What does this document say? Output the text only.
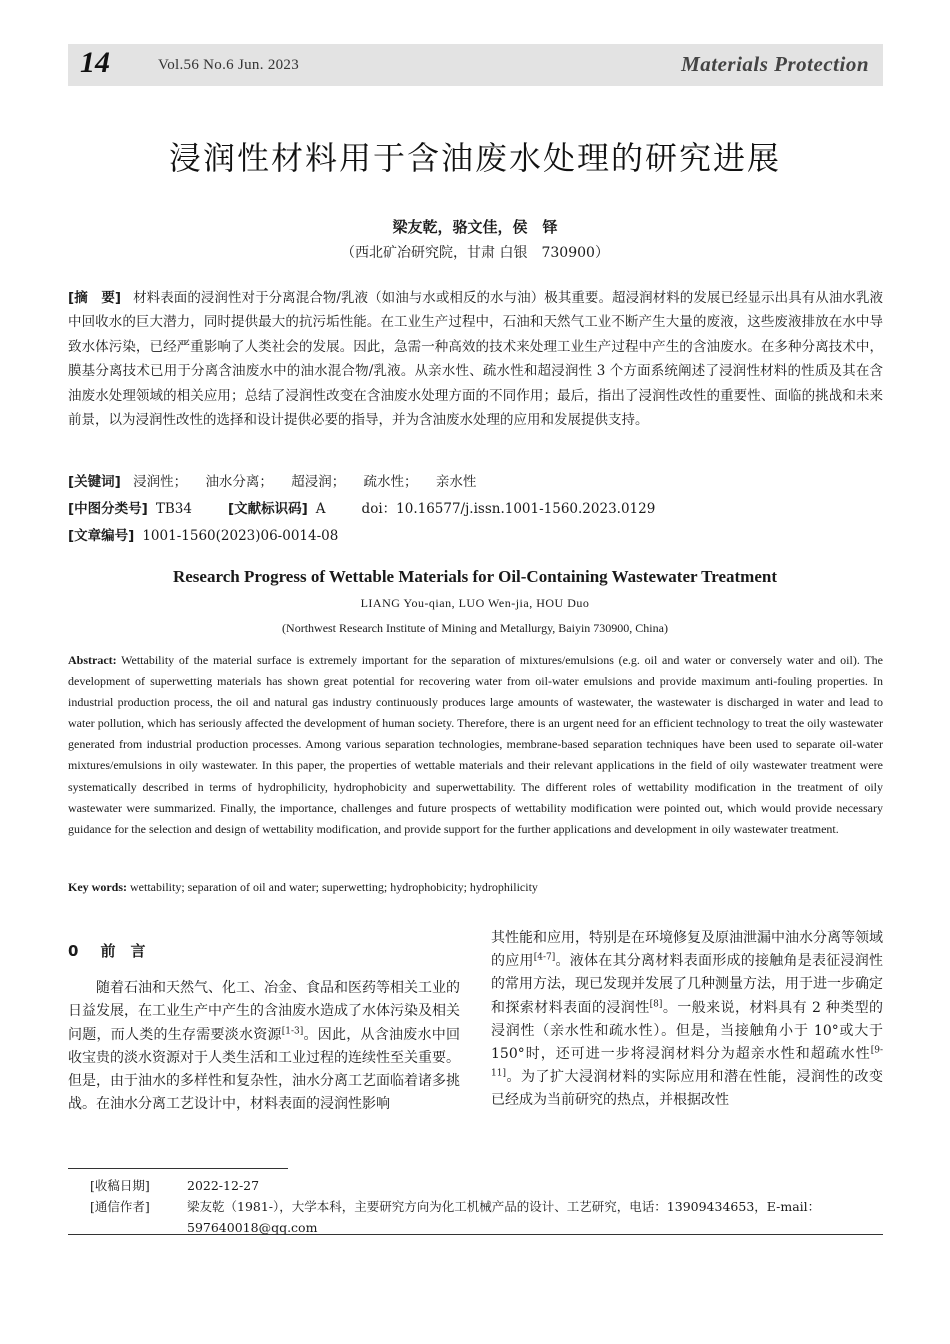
14	Vol.56 No.6 Jun. 2023	Materials Protection
浸润性材料用于含油废水处理的研究进展
梁友乾，骆文佳，侯　铎
（西北矿冶研究院，甘肃 白银　730900）
[摘　要] 材料表面的浸润性对于分离混合物/乳液（如油与水或相反的水与油）极其重要。超浸润材料的发展已经显示出具有从油水乳液中回收水的巨大潜力，同时提供最大的抗污垢性能。在工业生产过程中，石油和天然气工业不断产生大量的废液，这些废液排放在水中导致水体污染，已经严重影响了人类社会的发展。因此，急需一种高效的技术来处理工业生产过程中产生的含油废水。在多种分离技术中，膜基分离技术已用于分离含油废水中的油水混合物/乳液。从亲水性、疏水性和超浸润性 3 个方面系统阐述了浸润性材料的性质及其在含油废水处理领域的相关应用；总结了浸润性改变在含油废水处理方面的不同作用；最后，指出了浸润性改性的重要性、面临的挑战和未来前景，以为浸润性改性的选择和设计提供必要的指导，并为含油废水处理的应用和发展提供支持。
[关键词] 浸润性； 油水分离； 超浸润； 疏水性； 亲水性
[中图分类号] TB34	[文献标识码] A	doi：10.16577/j.issn.1001-1560.2023.0129
[文章编号] 1001-1560(2023)06-0014-08
Research Progress of Wettable Materials for Oil-Containing Wastewater Treatment
LIANG You-qian, LUO Wen-jia, HOU Duo
(Northwest Research Institute of Mining and Metallurgy, Baiyin 730900, China)
Abstract: Wettability of the material surface is extremely important for the separation of mixtures/emulsions (e.g. oil and water or conversely water and oil). The development of superwetting materials has shown great potential for recovering water from oil-water emulsions and provide maximum anti-fouling properties. In industrial production process, the oil and natural gas industry continuously produces large amounts of wastewater, the wastewater is discharged in water and lead to water pollution, which has seriously affected the development of human society. Therefore, there is an urgent need for an efficient technology to treat the oily wastewater generated from industrial production processes. Among various separation technologies, membrane-based separation techniques have been used to separate oil-water mixtures/emulsions in oily wastewater. In this paper, the properties of wettable materials and their relevant applications in the field of oily wastewater treatment were systematically described in terms of hydrophilicity, hydrophobicity and superwettability. The different roles of wettability modification in the treatment of oily wastewater were summarized. Finally, the importance, challenges and future prospects of wettability modification were pointed out, which would provide necessary guidance for the selection and design of wettability modification, and provide support for the further applications and development in oily wastewater treatment.
Key words: wettability; separation of oil and water; superwetting; hydrophobicity; hydrophilicity
0 前　言

随着石油和天然气、化工、冶金、食品和医药等相关工业的日益发展，在工业生产中产生的含油废水造成了水体污染及相关问题，而人类的生存需要淡水资源[1-3]。因此，从含油废水中回收宝贵的淡水资源对于人类生活和工业过程的连续性至关重要。但是，由于油水的多样性和复杂性，油水分离工艺面临着诸多挑战。在油水分离工艺设计中，材料表面的浸润性影响

其性能和应用，特别是在环境修复及原油泄漏中油水分离等领域的应用[4-7]。液体在其分离材料表面形成的接触角是表征浸润性的常用方法，现已发现并发展了几种测量方法，用于进一步确定和探索材料表面的浸润性[8]。一般来说，材料具有 2 种类型的浸润性（亲水性和疏水性）。但是，当接触角小于 10°或大于 150°时，还可进一步将浸润材料分为超亲水性和超疏水性[9-11]。为了扩大浸润材料的实际应用和潜在性能，浸润性的改变已经成为当前研究的热点，并根据改性

[收稿日期]	2022-12-27
[通信作者]	梁友乾（1981-），大学本科，主要研究方向为化工机械产品的设计、工艺研究，电话：13909434653，E-mail：597640018@qq.com
